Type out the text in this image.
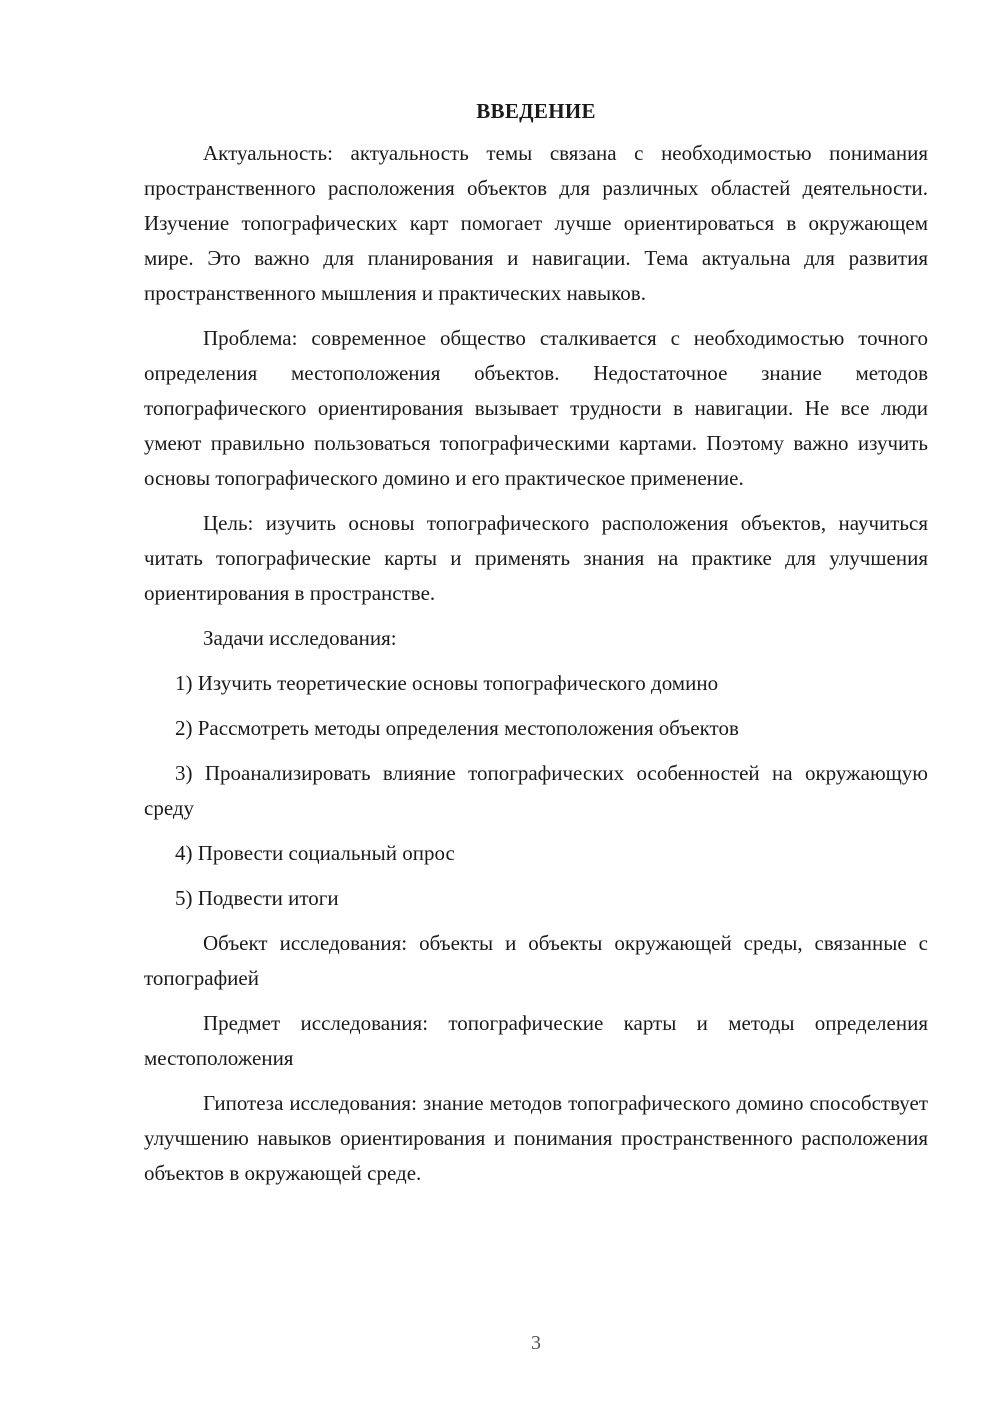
ВВЕДЕНИЕ

Актуальность: актуальность темы связана с необходимостью понимания пространственного расположения объектов для различных областей деятельности. Изучение топографических карт помогает лучше ориентироваться в окружающем мире. Это важно для планирования и навигации. Тема актуальна для развития пространственного мышления и практических навыков.

Проблема: современное общество сталкивается с необходимостью точного определения местоположения объектов. Недостаточное знание методов топографического ориентирования вызывает трудности в навигации. Не все люди умеют правильно пользоваться топографическими картами. Поэтому важно изучить основы топографического домино и его практическое применение.

Цель: изучить основы топографического расположения объектов, научиться читать топографические карты и применять знания на практике для улучшения ориентирования в пространстве.

Задачи исследования:

1) Изучить теоретические основы топографического домино

2) Рассмотреть методы определения местоположения объектов

3) Проанализировать влияние топографических особенностей на окружающую среду

4) Провести социальный опрос

5) Подвести итоги

Объект исследования: объекты и объекты окружающей среды, связанные с топографией

Предмет исследования: топографические карты и методы определения местоположения

Гипотеза исследования: знание методов топографического домино способствует улучшению навыков ориентирования и понимания пространственного расположения объектов в окружающей среде.

3
